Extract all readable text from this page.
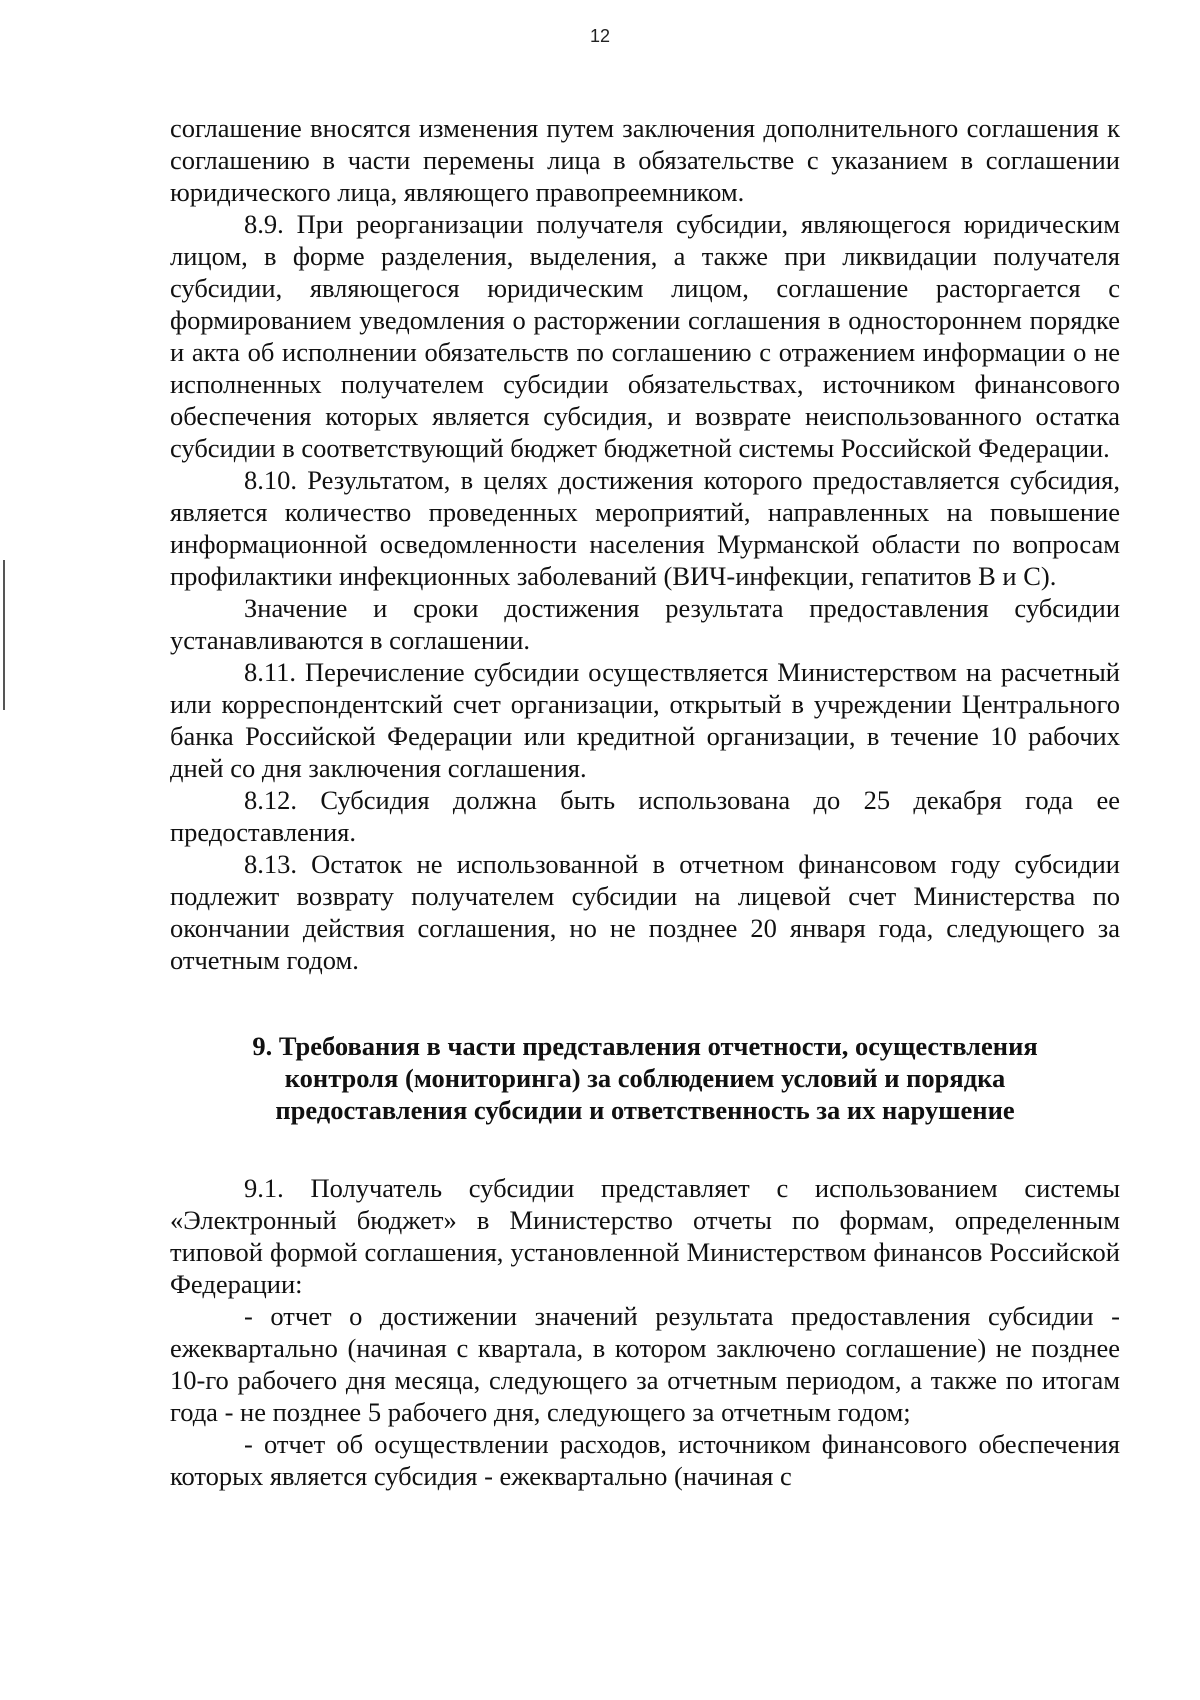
12

соглашение вносятся изменения путем заключения дополнительного соглашения к соглашению в части перемены лица в обязательстве с указанием в соглашении юридического лица, являющего правопреемником.

8.9. При реорганизации получателя субсидии, являющегося юридическим лицом, в форме разделения, выделения, а также при ликвидации получателя субсидии, являющегося юридическим лицом, соглашение расторгается с формированием уведомления о расторжении соглашения в одностороннем порядке и акта об исполнении обязательств по соглашению с отражением информации о не исполненных получателем субсидии обязательствах, источником финансового обеспечения которых является субсидия, и возврате неиспользованного остатка субсидии в соответствующий бюджет бюджетной системы Российской Федерации.

8.10. Результатом, в целях достижения которого предоставляется субсидия, является количество проведенных мероприятий, направленных на повышение информационной осведомленности населения Мурманской области по вопросам профилактики инфекционных заболеваний (ВИЧ-инфекции, гепатитов В и С).

Значение и сроки достижения результата предоставления субсидии устанавливаются в соглашении.

8.11. Перечисление субсидии осуществляется Министерством на расчетный или корреспондентский счет организации, открытый в учреждении Центрального банка Российской Федерации или кредитной организации, в течение 10 рабочих дней со дня заключения соглашения.

8.12. Субсидия должна быть использована до 25 декабря года ее предоставления.

8.13. Остаток не использованной в отчетном финансовом году субсидии подлежит возврату получателем субсидии на лицевой счет Министерства по окончании действия соглашения, но не позднее 20 января года, следующего за отчетным годом.

9. Требования в части представления отчетности, осуществления контроля (мониторинга) за соблюдением условий и порядка предоставления субсидии и ответственность за их нарушение

9.1. Получатель субсидии представляет с использованием системы «Электронный бюджет» в Министерство отчеты по формам, определенным типовой формой соглашения, установленной Министерством финансов Российской Федерации:

- отчет о достижении значений результата предоставления субсидии - ежеквартально (начиная с квартала, в котором заключено соглашение) не позднее 10-го рабочего дня месяца, следующего за отчетным периодом, а также по итогам года - не позднее 5 рабочего дня, следующего за отчетным годом;

- отчет об осуществлении расходов, источником финансового обеспечения которых является субсидия - ежеквартально (начиная с
